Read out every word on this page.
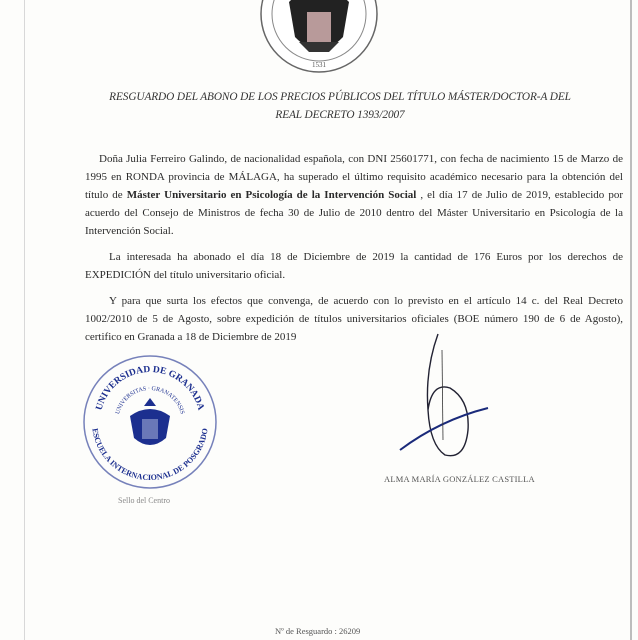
1531
RESGUARDO DEL ABONO DE LOS PRECIOS PÚBLICOS DEL TÍTULO MÁSTER/DOCTOR-A DEL
REAL DECRETO 1393/2007
Doña Julia Ferreiro Galindo, de nacionalidad española, con DNI 25601771, con fecha de nacimiento 15 de Marzo de 1995 en RONDA provincia de MÁLAGA, ha superado el último requisito académico necesario para la obtención del título de Máster Universitario en Psicología de la Intervención Social , el día 17 de Julio de 2019, establecido por acuerdo del Consejo de Ministros de fecha 30 de Julio de 2010 dentro del Máster Universitario en Psicología de la Intervención Social.
La interesada ha abonado el día 18 de Diciembre de 2019 la cantidad de 176 Euros por los derechos de EXPEDICIÓN del título universitario oficial.
Y para que surta los efectos que convenga, de acuerdo con lo previsto en el artículo 14 c. del Real Decreto 1002/2010 de 5 de Agosto, sobre expedición de títulos universitarios oficiales (BOE número 190 de 6 de Agosto), certifico en Granada a 18 de Diciembre de 2019
UNIVERSIDAD DE GRANADA
ESCUELA INTERNACIONAL DE POSGRADO
UNIVERSITAS · GRANATENSIS
Sello del Centro
ALMA MARÍA GONZÁLEZ CASTILLA
Nº de Resguardo : 26209
